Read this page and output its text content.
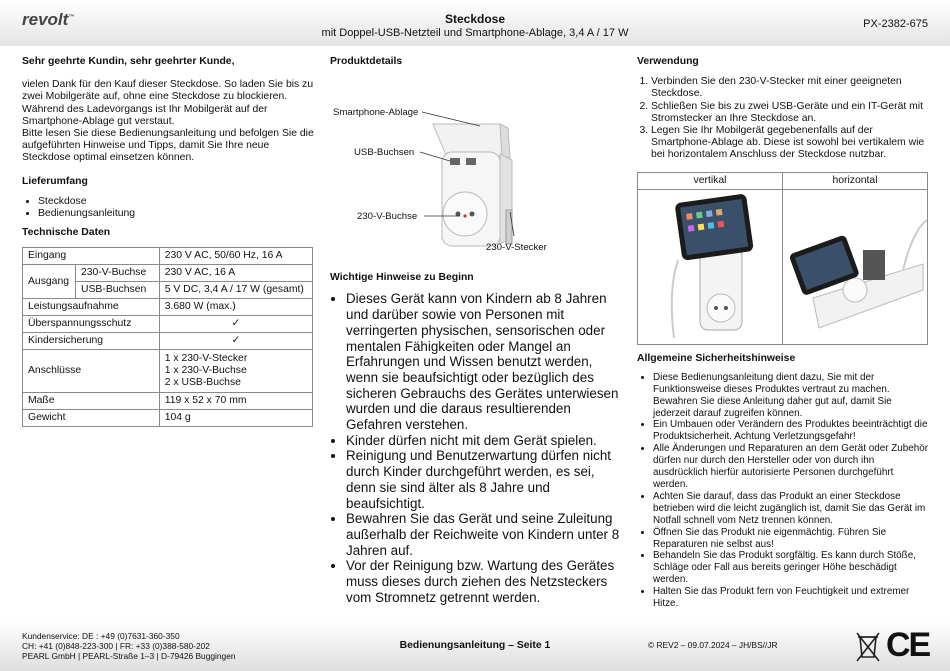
revolt™	Steckdose
mit Doppel-USB-Netzteil und Smartphone-Ablage, 3,4 A / 17 W
PX-2382-675

Sehr geehrte Kundin, sehr geehrter Kunde,

vielen Dank für den Kauf dieser Steckdose. So laden Sie bis zu zwei Mobilgeräte auf, ohne eine Steckdose zu blockieren. Während des Ladevorgangs ist Ihr Mobilgerät auf der Smartphone-Ablage gut verstaut.

Bitte lesen Sie diese Bedienungsanleitung und befolgen Sie die aufgeführten Hinweise und Tipps, damit Sie Ihre neue Steckdose optimal einsetzen können.

Lieferumfang

• Steckdose
• Bedienungsanleitung

Technische Daten

Eingang		230 V AC, 50/60 Hz, 16 A
Ausgang	230-V-Buchse	230 V AC, 16 A
	USB-Buchsen	5 V DC, 3,4 A / 17 W (gesamt)
Leistungsaufnahme		3.680 W (max.)
Überspannungsschutz		✓
Kindersicherung		✓
Anschlüsse		1 x 230-V-Stecker
1 x 230-V-Buchse
2 x USB-Buchse

Maße		119 x 52 x 70 mm
Gewicht		104 g

Produktdetails

Smartphone-Ablage
USB-Buchsen
230-V-Buchse
230-V-Stecker

Wichtige Hinweise zu Beginn

• Dieses Gerät kann von Kindern ab 8 Jahren und darüber sowie von Personen mit verringerten physischen, sensorischen oder mentalen Fähigkeiten oder Mangel an Erfahrungen und Wissen benutzt werden, wenn sie beaufsichtigt oder bezüglich des sicheren Gebrauchs des Gerätes unterwiesen wurden und die daraus resultierenden Gefahren verstehen.
• Kinder dürfen nicht mit dem Gerät spielen.
• Reinigung und Benutzerwartung dürfen nicht durch Kinder durchgeführt werden, es sei, denn sie sind älter als 8 Jahre und beaufsichtigt.
• Bewahren Sie das Gerät und seine Zuleitung außerhalb der Reichweite von Kindern unter 8 Jahren auf.
• Vor der Reinigung bzw. Wartung des Gerätes muss dieses durch ziehen des Netzsteckers vom Stromnetz getrennt werden.

Verwendung

1. Verbinden Sie den 230-V-Stecker mit einer geeigneten Steckdose.
2. Schließen Sie bis zu zwei USB-Geräte und ein IT-Gerät mit Stromstecker an Ihre Steckdose an.
3. Legen Sie Ihr Mobilgerät gegebenenfalls auf der Smartphone-Ablage ab. Diese ist sowohl bei vertikalem wie bei horizontalem Anschluss der Steckdose nutzbar.
vertikal	horizontal

Allgemeine Sicherheitshinweise

• Diese Bedienungsanleitung dient dazu, Sie mit der Funktionsweise dieses Produktes vertraut zu machen. Bewahren Sie diese Anleitung daher gut auf, damit Sie jederzeit darauf zugreifen können.
• Ein Umbauen oder Verändern des Produktes beeinträchtigt die Produktsicherheit. Achtung Verletzungsgefahr!
• Alle Änderungen und Reparaturen an dem Gerät oder Zubehör dürfen nur durch den Hersteller oder von durch ihn ausdrücklich hierfür autorisierte Personen durchgeführt werden.
• Achten Sie darauf, dass das Produkt an einer Steckdose betrieben wird die leicht zugänglich ist, damit Sie das Gerät im Notfall schnell vom Netz trennen können.
• Öffnen Sie das Produkt nie eigenmächtig. Führen Sie Reparaturen nie selbst aus!
• Behandeln Sie das Produkt sorgfältig. Es kann durch Stöße, Schläge oder Fall aus bereits geringer Höhe beschädigt werden.
• Halten Sie das Produkt fern von Feuchtigkeit und extremer Hitze.
Kundenservice: DE : +49 (0)7631-360-350
CH: +41 (0)848-223-300 | FR: +33 (0)388-580-202
PEARL GmbH | PEARL-Straße 1–3 | D-79426 Buggingen
Bedienungsanleitung – Seite 1	© REV2 – 09.07.2024 – JH/BS//JR	CE
